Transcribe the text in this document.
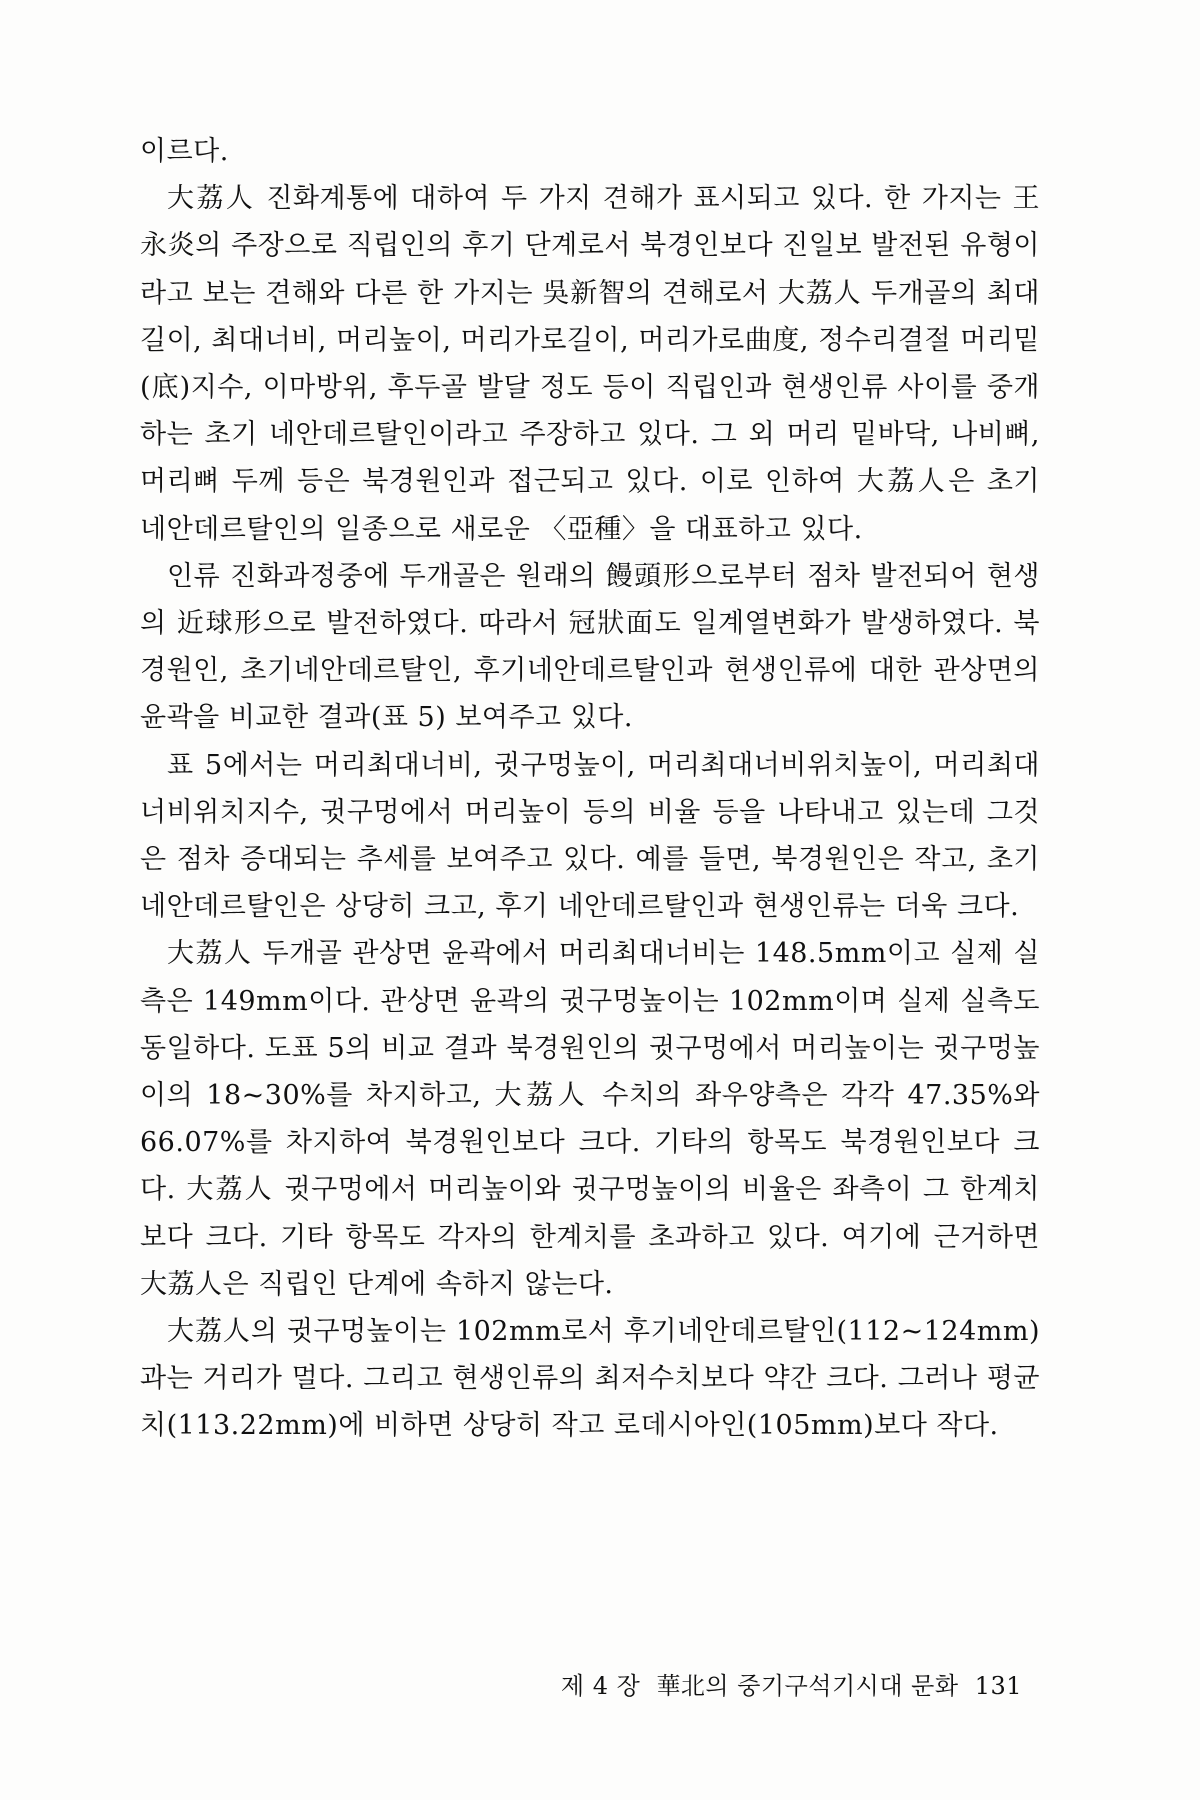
이르다.

大荔人 진화계통에 대하여 두 가지 견해가 표시되고 있다. 한 가지는 王永炎의 주장으로 직립인의 후기 단계로서 북경인보다 진일보 발전된 유형이라고 보는 견해와 다른 한 가지는 吳新智의 견해로서 大荔人 두개골의 최대길이, 최대너비, 머리높이, 머리가로길이, 머리가로曲度, 정수리결절 머리밑(底)지수, 이마방위, 후두골 발달 정도 등이 직립인과 현생인류 사이를 중개하는 초기 네안데르탈인이라고 주장하고 있다. 그 외 머리 밑바닥, 나비뼈, 머리뼈 두께 등은 북경원인과 접근되고 있다. 이로 인하여 大荔人은 초기 네안데르탈인의 일종으로 새로운 〈亞種〉을 대표하고 있다.

인류 진화과정중에 두개골은 원래의 饅頭形으로부터 점차 발전되어 현생의 近球形으로 발전하였다. 따라서 冠狀面도 일계열변화가 발생하였다. 북경원인, 초기네안데르탈인, 후기네안데르탈인과 현생인류에 대한 관상면의 윤곽을 비교한 결과(표 5) 보여주고 있다.

표 5에서는 머리최대너비, 귓구멍높이, 머리최대너비위치높이, 머리최대너비위치지수, 귓구멍에서 머리높이 등의 비율 등을 나타내고 있는데 그것은 점차 증대되는 추세를 보여주고 있다. 예를 들면, 북경원인은 작고, 초기 네안데르탈인은 상당히 크고, 후기 네안데르탈인과 현생인류는 더욱 크다.

大荔人 두개골 관상면 윤곽에서 머리최대너비는 148.5mm이고 실제 실측은 149mm이다. 관상면 윤곽의 귓구멍높이는 102mm이며 실제 실측도 동일하다. 도표 5의 비교 결과 북경원인의 귓구멍에서 머리높이는 귓구멍높이의 18~30%를 차지하고, 大荔人 수치의 좌우양측은 각각 47.35%와 66.07%를 차지하여 북경원인보다 크다. 기타의 항목도 북경원인보다 크다. 大荔人 귓구멍에서 머리높이와 귓구멍높이의 비율은 좌측이 그 한계치보다 크다. 기타 항목도 각자의 한계치를 초과하고 있다. 여기에 근거하면 大荔人은 직립인 단계에 속하지 않는다.

大荔人의 귓구멍높이는 102mm로서 후기네안데르탈인(112~124mm)과는 거리가 멀다. 그리고 현생인류의 최저수치보다 약간 크다. 그러나 평균치(113.22mm)에 비하면 상당히 작고 로데시아인(105mm)보다 작다.

제 4 장 華北의 중기구석기시대 문화 131
